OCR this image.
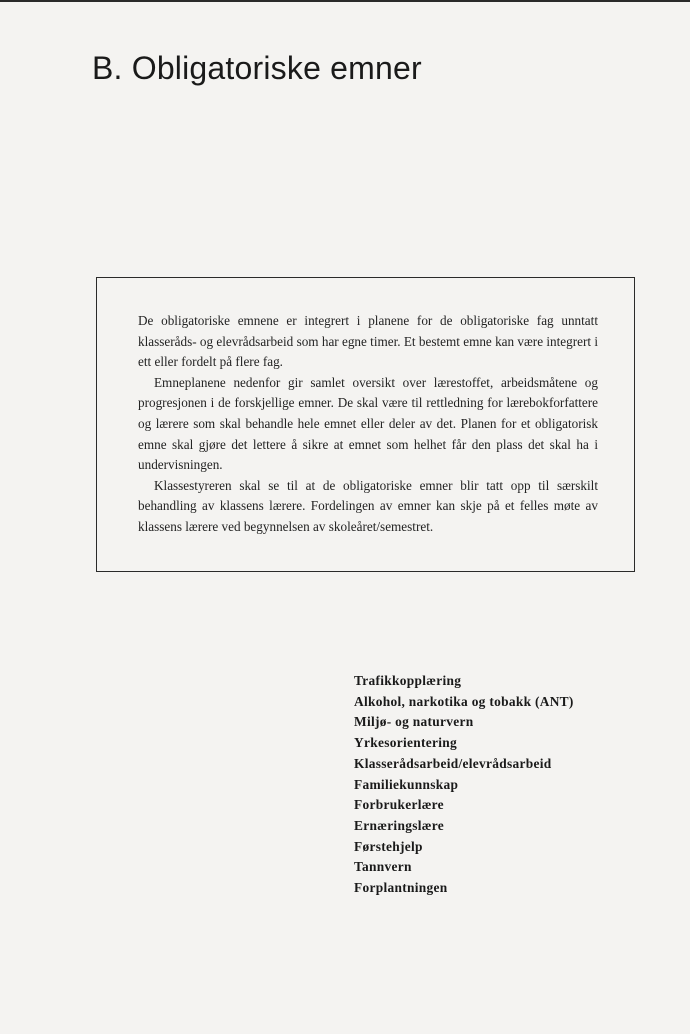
B. Obligatoriske emner

De obligatoriske emnene er integrert i planene for de obligatoriske fag unntatt klasseråds- og elevrådsarbeid som har egne timer. Et bestemt emne kan være integrert i ett eller fordelt på flere fag.

Emneplanene nedenfor gir samlet oversikt over lærestoffet, arbeidsmåtene og progresjonen i de forskjellige emner. De skal være til rettledning for lærebokforfattere og lærere som skal behandle hele emnet eller deler av det. Planen for et obligatorisk emne skal gjøre det lettere å sikre at emnet som helhet får den plass det skal ha i undervisningen.

Klassestyreren skal se til at de obligatoriske emner blir tatt opp til særskilt behandling av klassens lærere. Fordelingen av emner kan skje på et felles møte av klassens lærere ved begynnelsen av skoleåret/semestret.

Trafikkopplæring
Alkohol, narkotika og tobakk (ANT)
Miljø- og naturvern
Yrkesorientering
Klasserådsarbeid/elevrådsarbeid
Familiekunnskap
Forbrukerlære
Ernæringslære
Førstehjelp
Tannvern
Forplantningen
